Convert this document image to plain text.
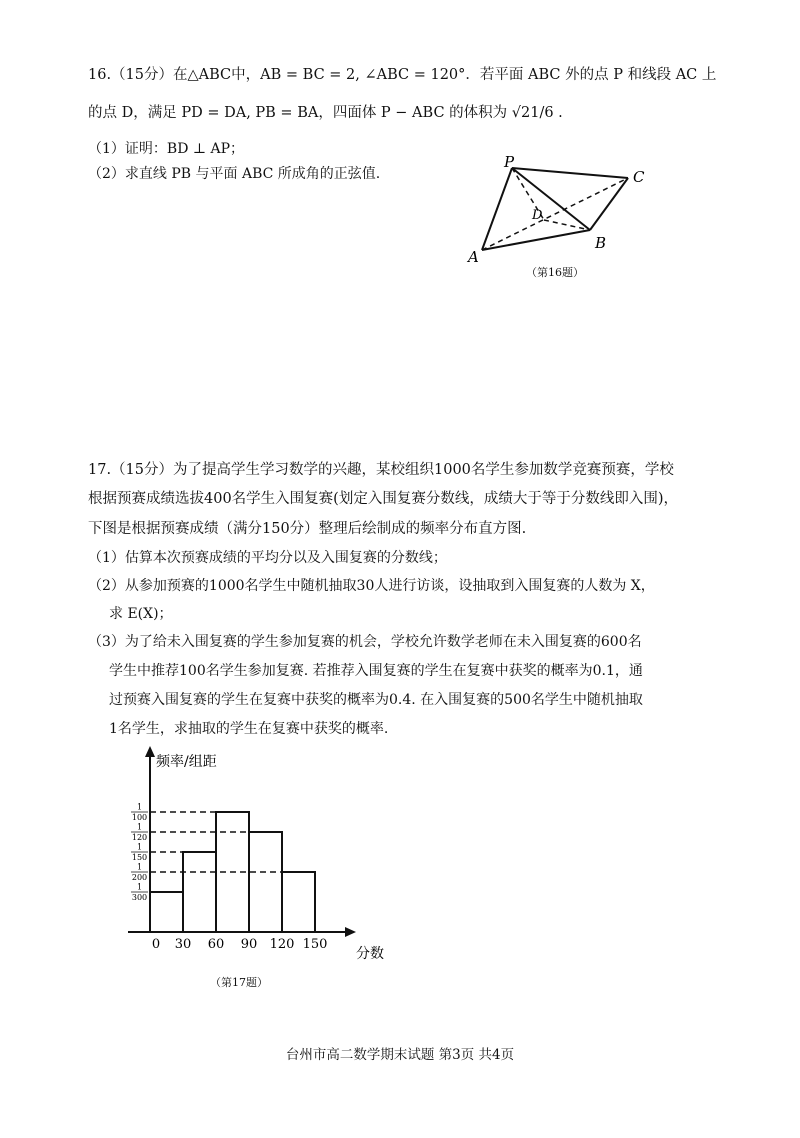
16.（15分）在△ABC中，AB = BC = 2, ∠ABC = 120°．若平面 ABC 外的点 P 和线段 AC 上
的点 D，满足 PD = DA, PB = BA，四面体 P − ABC 的体积为 √21/6 .
（1）证明：BD ⊥ AP；
（2）求直线 PB 与平面 ABC 所成角的正弦值.
P
C
D
A
B
（第16题）
17.（15分）为了提高学生学习数学的兴趣，某校组织1000名学生参加数学竞赛预赛，学校
根据预赛成绩选拔400名学生入围复赛(划定入围复赛分数线，成绩大于等于分数线即入围)，
下图是根据预赛成绩（满分150分）整理后绘制成的频率分布直方图.
（1）估算本次预赛成绩的平均分以及入围复赛的分数线；
（2）从参加预赛的1000名学生中随机抽取30人进行访谈，设抽取到入围复赛的人数为 X，
求 E(X)；
（3）为了给未入围复赛的学生参加复赛的机会，学校允许数学老师在未入围复赛的600名
学生中推荐100名学生参加复赛. 若推荐入围复赛的学生在复赛中获奖的概率为0.1，通
过预赛入围复赛的学生在复赛中获奖的概率为0.4. 在入围复赛的500名学生中随机抽取
1名学生，求抽取的学生在复赛中获奖的概率.
频率/组距
分数
1
100
1
120
1
150
1
200
1
300
0 30 60 90 120 150
（第17题）
台州市高二数学期末试题 第3页 共4页
